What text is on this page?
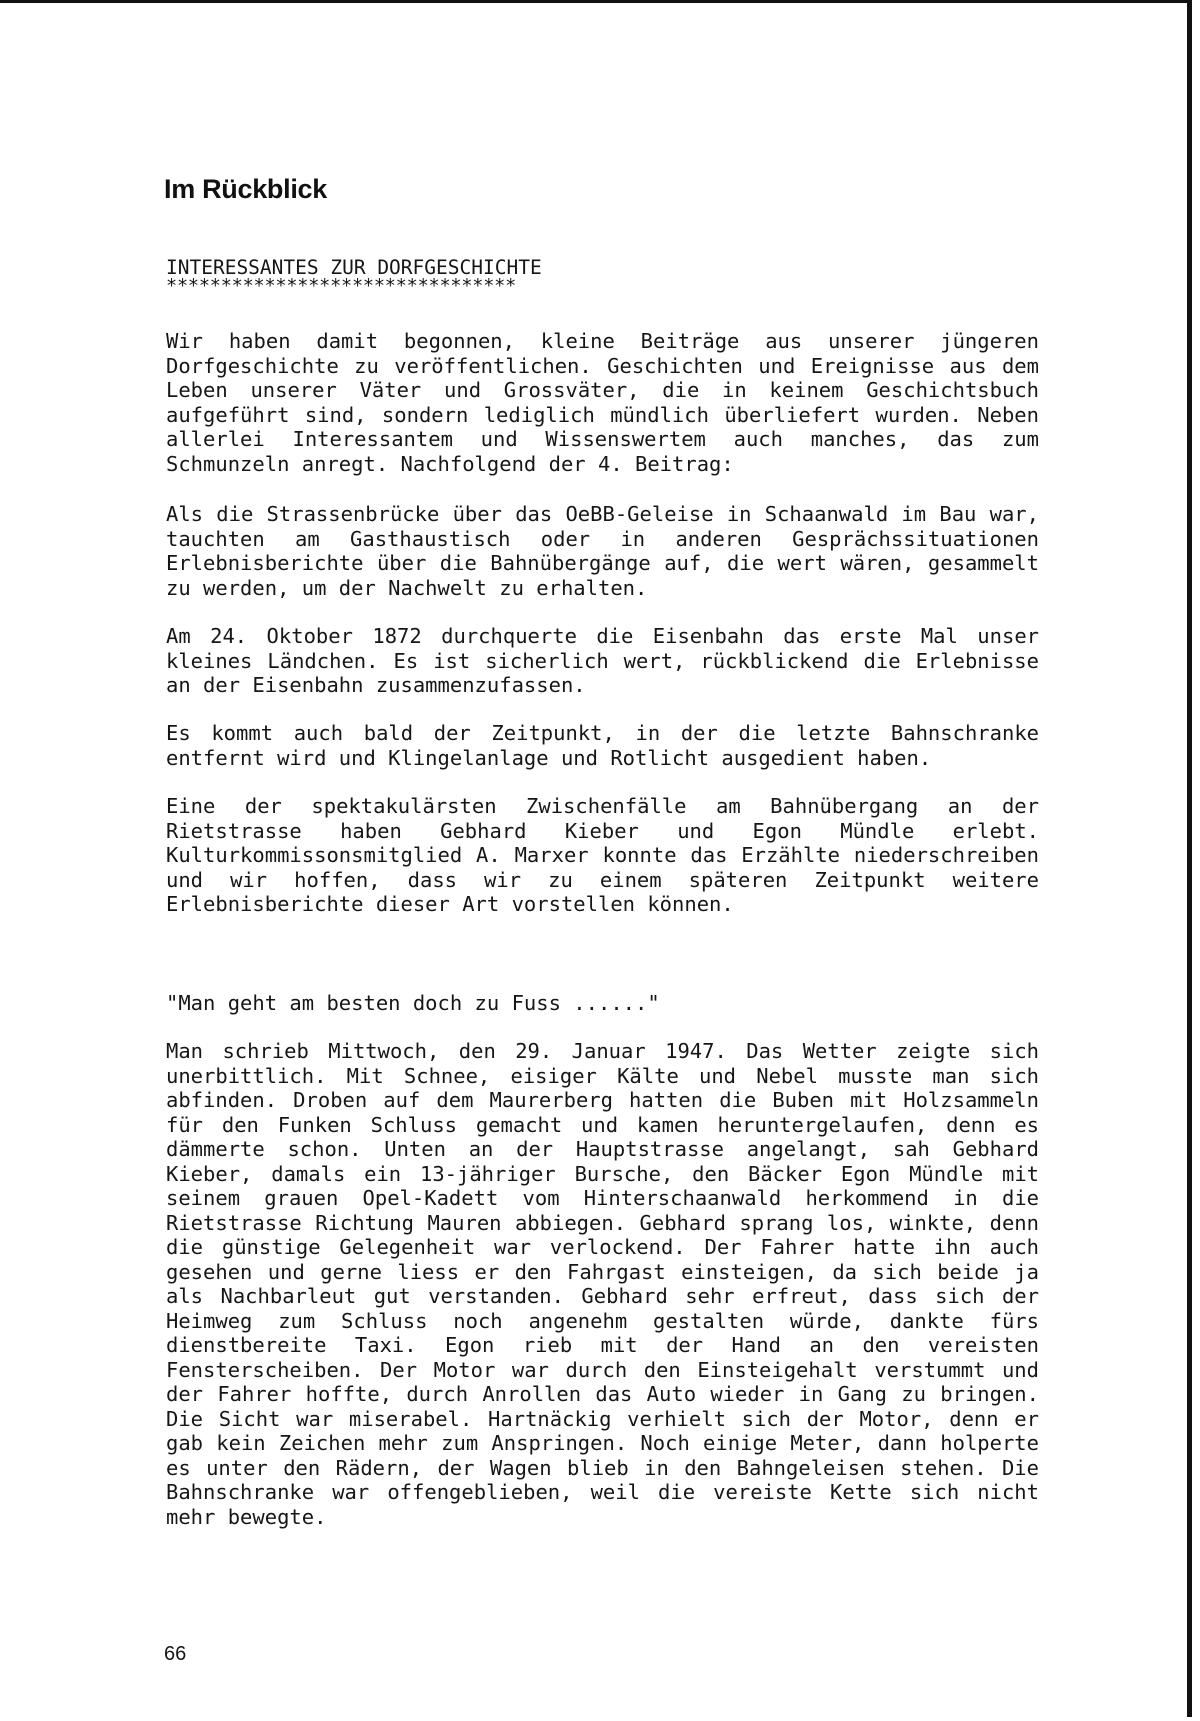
Im Rückblick

INTERESSANTES ZUR DORFGESCHICHTE

********************************

Wir haben damit begonnen, kleine Beiträge aus unserer jüngeren Dorfgeschichte zu veröffentlichen. Geschichten und Ereignisse aus dem Leben unserer Väter und Grossväter, die in keinem Geschichtsbuch aufgeführt sind, sondern lediglich mündlich überliefert wurden. Neben allerlei Interessantem und Wissenswertem auch manches, das zum Schmunzeln anregt. Nachfolgend der 4. Beitrag:

Als die Strassenbrücke über das OeBB-Geleise in Schaanwald im Bau war, tauchten am Gasthaustisch oder in anderen Gesprächssituationen Erlebnisberichte über die Bahnübergänge auf, die wert wären, gesammelt zu werden, um der Nachwelt zu erhalten.

Am 24. Oktober 1872 durchquerte die Eisenbahn das erste Mal unser kleines Ländchen. Es ist sicherlich wert, rückblickend die Erlebnisse an der Eisenbahn zusammenzufassen.

Es kommt auch bald der Zeitpunkt, in der die letzte Bahnschranke entfernt wird und Klingelanlage und Rotlicht ausgedient haben.

Eine der spektakulärsten Zwischenfälle am Bahnübergang an der Rietstrasse haben Gebhard Kieber und Egon Mündle erlebt. Kulturkommissonsmitglied A. Marxer konnte das Erzählte niederschreiben und wir hoffen, dass wir zu einem späteren Zeitpunkt weitere Erlebnisberichte dieser Art vorstellen können.

"Man geht am besten doch zu Fuss ......"

Man schrieb Mittwoch, den 29. Januar 1947. Das Wetter zeigte sich unerbittlich. Mit Schnee, eisiger Kälte und Nebel musste man sich abfinden. Droben auf dem Maurerberg hatten die Buben mit Holzsammeln für den Funken Schluss gemacht und kamen heruntergelaufen, denn es dämmerte schon. Unten an der Hauptstrasse angelangt, sah Gebhard Kieber, damals ein 13-jähriger Bursche, den Bäcker Egon Mündle mit seinem grauen Opel-Kadett vom Hinterschaanwald herkommend in die Rietstrasse Richtung Mauren abbiegen. Gebhard sprang los, winkte, denn die günstige Gelegenheit war verlockend. Der Fahrer hatte ihn auch gesehen und gerne liess er den Fahrgast einsteigen, da sich beide ja als Nachbarleut gut verstanden. Gebhard sehr erfreut, dass sich der Heimweg zum Schluss noch angenehm gestalten würde, dankte fürs dienstbereite Taxi. Egon rieb mit der Hand an den vereisten Fensterscheiben. Der Motor war durch den Einsteigehalt verstummt und der Fahrer hoffte, durch Anrollen das Auto wieder in Gang zu bringen. Die Sicht war miserabel. Hartnäckig verhielt sich der Motor, denn er gab kein Zeichen mehr zum Anspringen. Noch einige Meter, dann holperte es unter den Rädern, der Wagen blieb in den Bahngeleisen stehen. Die Bahnschranke war offengeblieben, weil die vereiste Kette sich nicht mehr bewegte.

66
